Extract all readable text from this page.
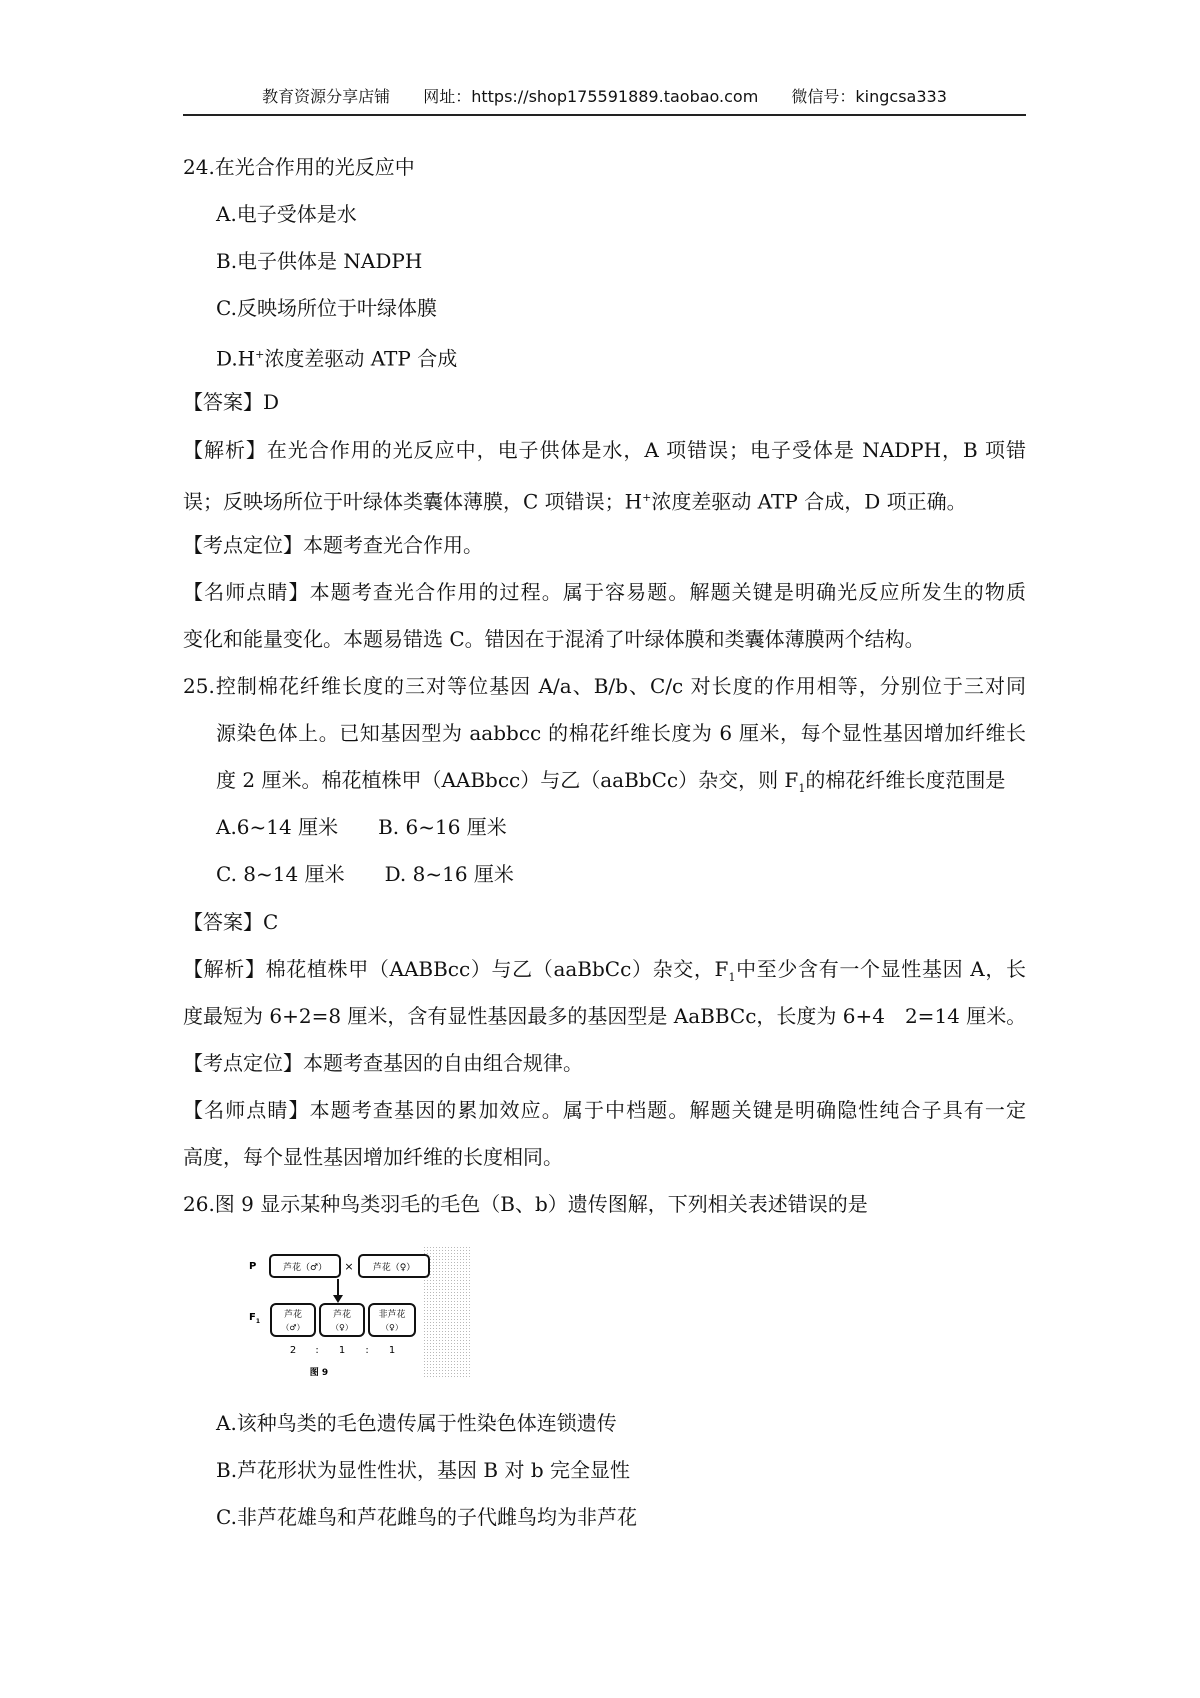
教育资源分享店铺 网址：https://shop175591889.taobao.com 微信号：kingcsa333
24.在光合作用的光反应中
A.电子受体是水
B.电子供体是 NADPH
C.反映场所位于叶绿体膜
D.H+浓度差驱动 ATP 合成
【答案】D
【解析】在光合作用的光反应中，电子供体是水，A 项错误；电子受体是 NADPH，B 项错
误；反映场所位于叶绿体类囊体薄膜，C 项错误；H+浓度差驱动 ATP 合成，D 项正确。
【考点定位】本题考查光合作用。
【名师点睛】本题考查光合作用的过程。属于容易题。解题关键是明确光反应所发生的物质
变化和能量变化。本题易错选 C。错因在于混淆了叶绿体膜和类囊体薄膜两个结构。
25.控制棉花纤维长度的三对等位基因 A/a、B/b、C/c 对长度的作用相等，分别位于三对同
源染色体上。已知基因型为 aabbcc 的棉花纤维长度为 6 厘米，每个显性基因增加纤维长
度 2 厘米。棉花植株甲（AABbcc）与乙（aaBbCc）杂交，则 $F_1$的棉花纤维长度范围是
A.6~14 厘米 B. 6~16 厘米
C. 8~14 厘米 D. 8~16 厘米
【答案】C
【解析】棉花植株甲（AABBcc）与乙（aaBbCc）杂交，$F_1$中至少含有一个显性基因 A，长
度最短为 6+2=8 厘米，含有显性基因最多的基因型是 AaBBCc，长度为 6+4　2=14 厘米。
【考点定位】本题考查基因的自由组合规律。
【名师点睛】本题考查基因的累加效应。属于中档题。解题关键是明确隐性纯合子具有一定
高度，每个显性基因增加纤维的长度相同。
26.图 9 显示某种鸟类羽毛的毛色（B、b）遗传图解，下列相关表述错误的是
A.该种鸟类的毛色遗传属于性染色体连锁遗传
B.芦花形状为显性性状，基因 B 对 b 完全显性
C.非芦花雄鸟和芦花雌鸟的子代雌鸟均为非芦花
P	芦花（♂） × 芦花（♀）
$F_1$
芦花
（♂）
芦花
（♀）
非芦花
（♀）
2 : 1 : 1
图 9
